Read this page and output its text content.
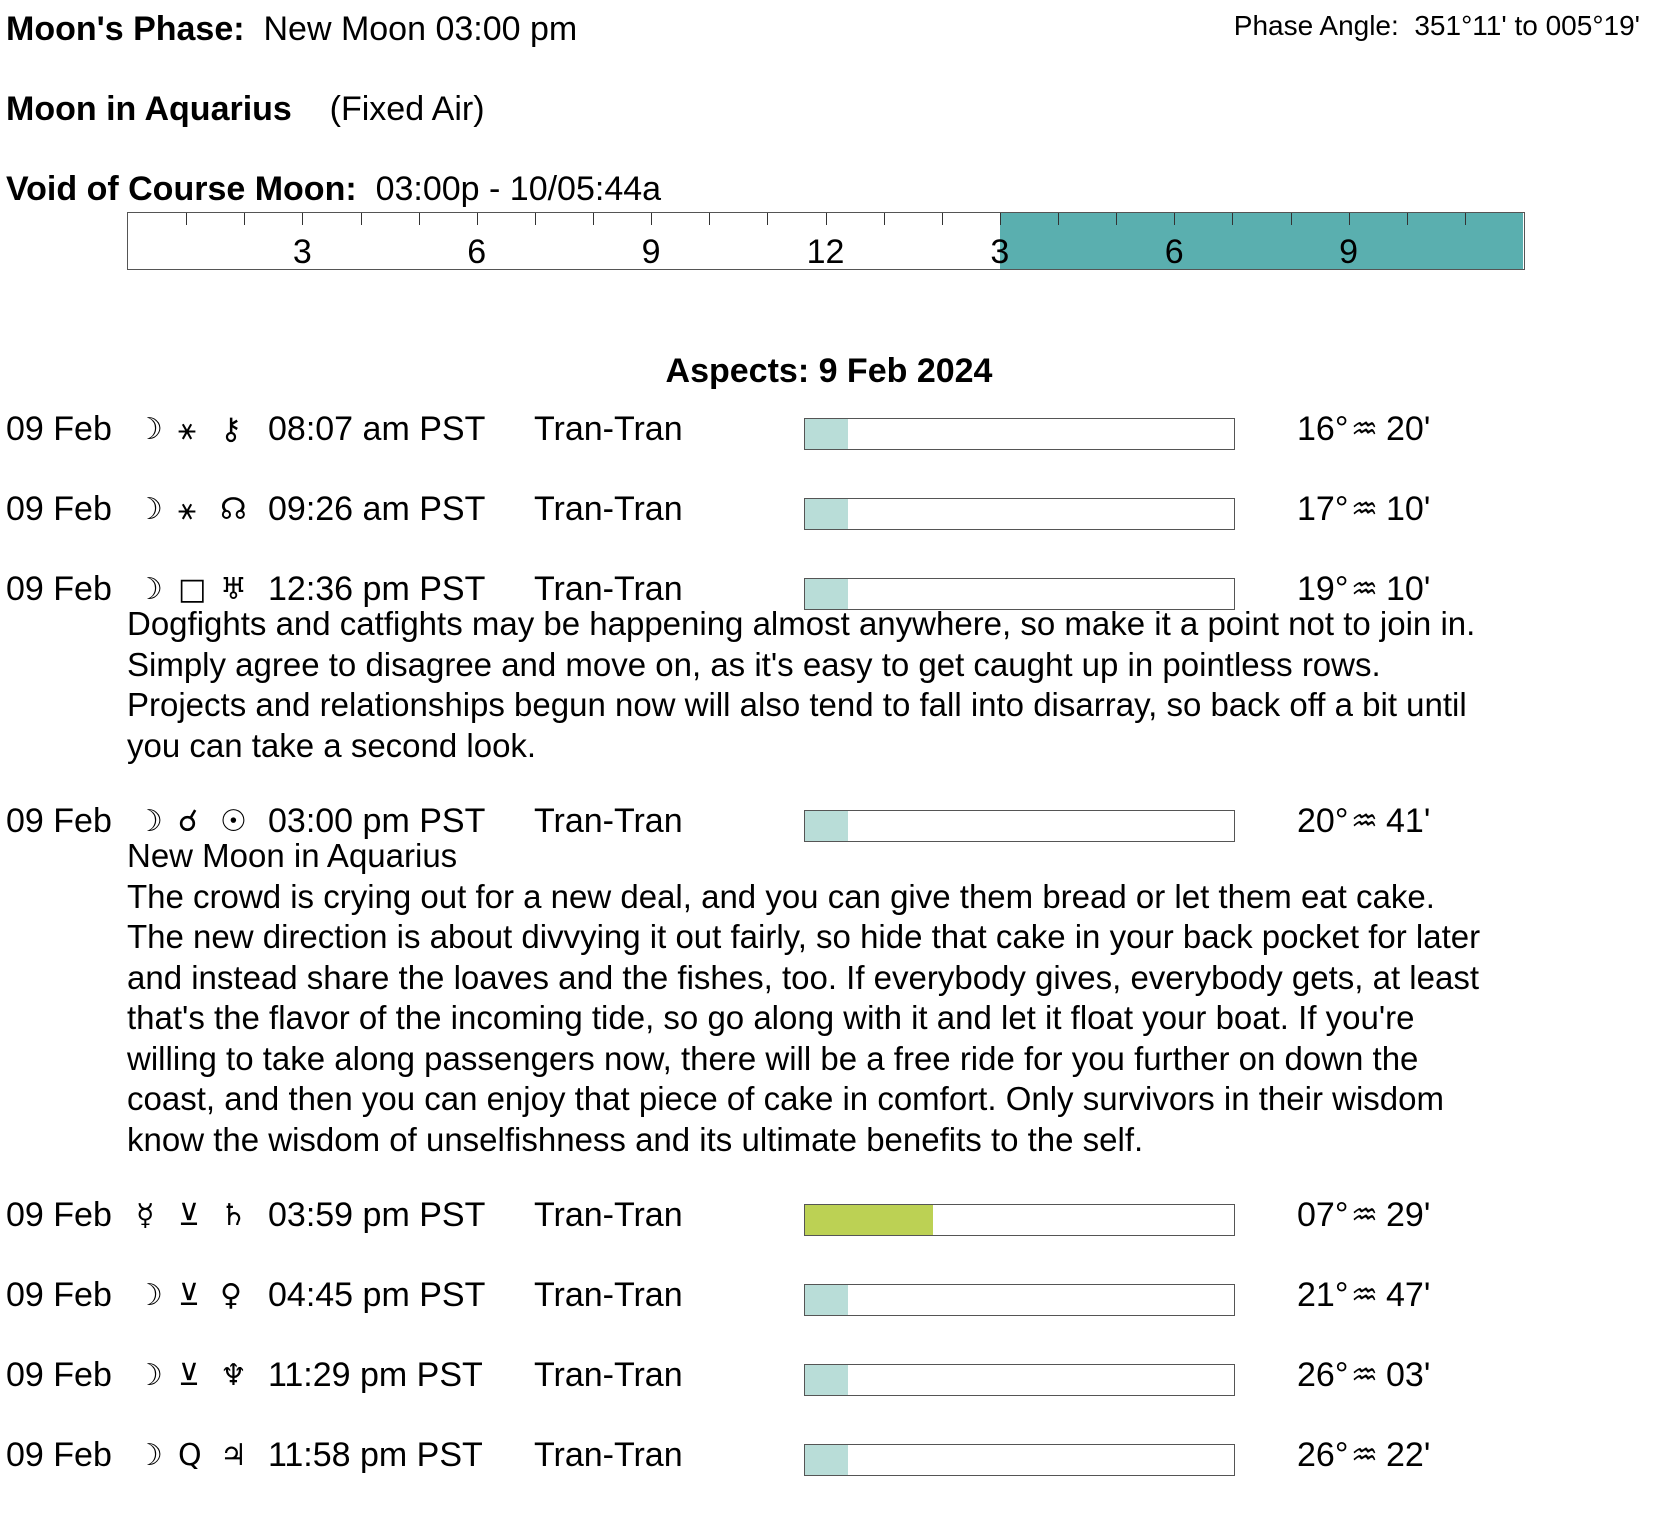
Moon's Phase: New Moon 03:00 pm	Phase Angle: 351°11' to 005°19'
Moon in Aquarius (Fixed Air)
Void of Course Moon: 03:00p - 10/05:44a
3	6	9	12	3	6	9
Aspects: 9 Feb 2024
09 Feb ☽ ⚹ ⚷ 08:07 am PST Tran-Tran	16° ♒ 20'
09 Feb ☽ ⚹ ☊ 09:26 am PST Tran-Tran	17° ♒ 10'
09 Feb ☽ □ ♅ 12:36 pm PST Tran-Tran	19° ♒ 10'
Dogfights and catfights may be happening almost anywhere, so make it a point not to join in.
Simply agree to disagree and move on, as it's easy to get caught up in pointless rows.
Projects and relationships begun now will also tend to fall into disarray, so back off a bit until
you can take a second look.
09 Feb ☽ ☌ ☉ 03:00 pm PST Tran-Tran	20° ♒ 41'
New Moon in Aquarius
The crowd is crying out for a new deal, and you can give them bread or let them eat cake.
The new direction is about divvying it out fairly, so hide that cake in your back pocket for later
and instead share the loaves and the fishes, too. If everybody gives, everybody gets, at least
that's the flavor of the incoming tide, so go along with it and let it float your boat. If you're
willing to take along passengers now, there will be a free ride for you further on down the
coast, and then you can enjoy that piece of cake in comfort. Only survivors in their wisdom
know the wisdom of unselfishness and its ultimate benefits to the self.
09 Feb ☿ ⊻ ♄ 03:59 pm PST Tran-Tran	07° ♒ 29'
09 Feb ☽ ⊻ ♀ 04:45 pm PST Tran-Tran	21° ♒ 47'
09 Feb ☽ ⊻ ♆ 11:29 pm PST Tran-Tran	26° ♒ 03'
09 Feb ☽ Q ♃ 11:58 pm PST Tran-Tran	26° ♒ 22'
